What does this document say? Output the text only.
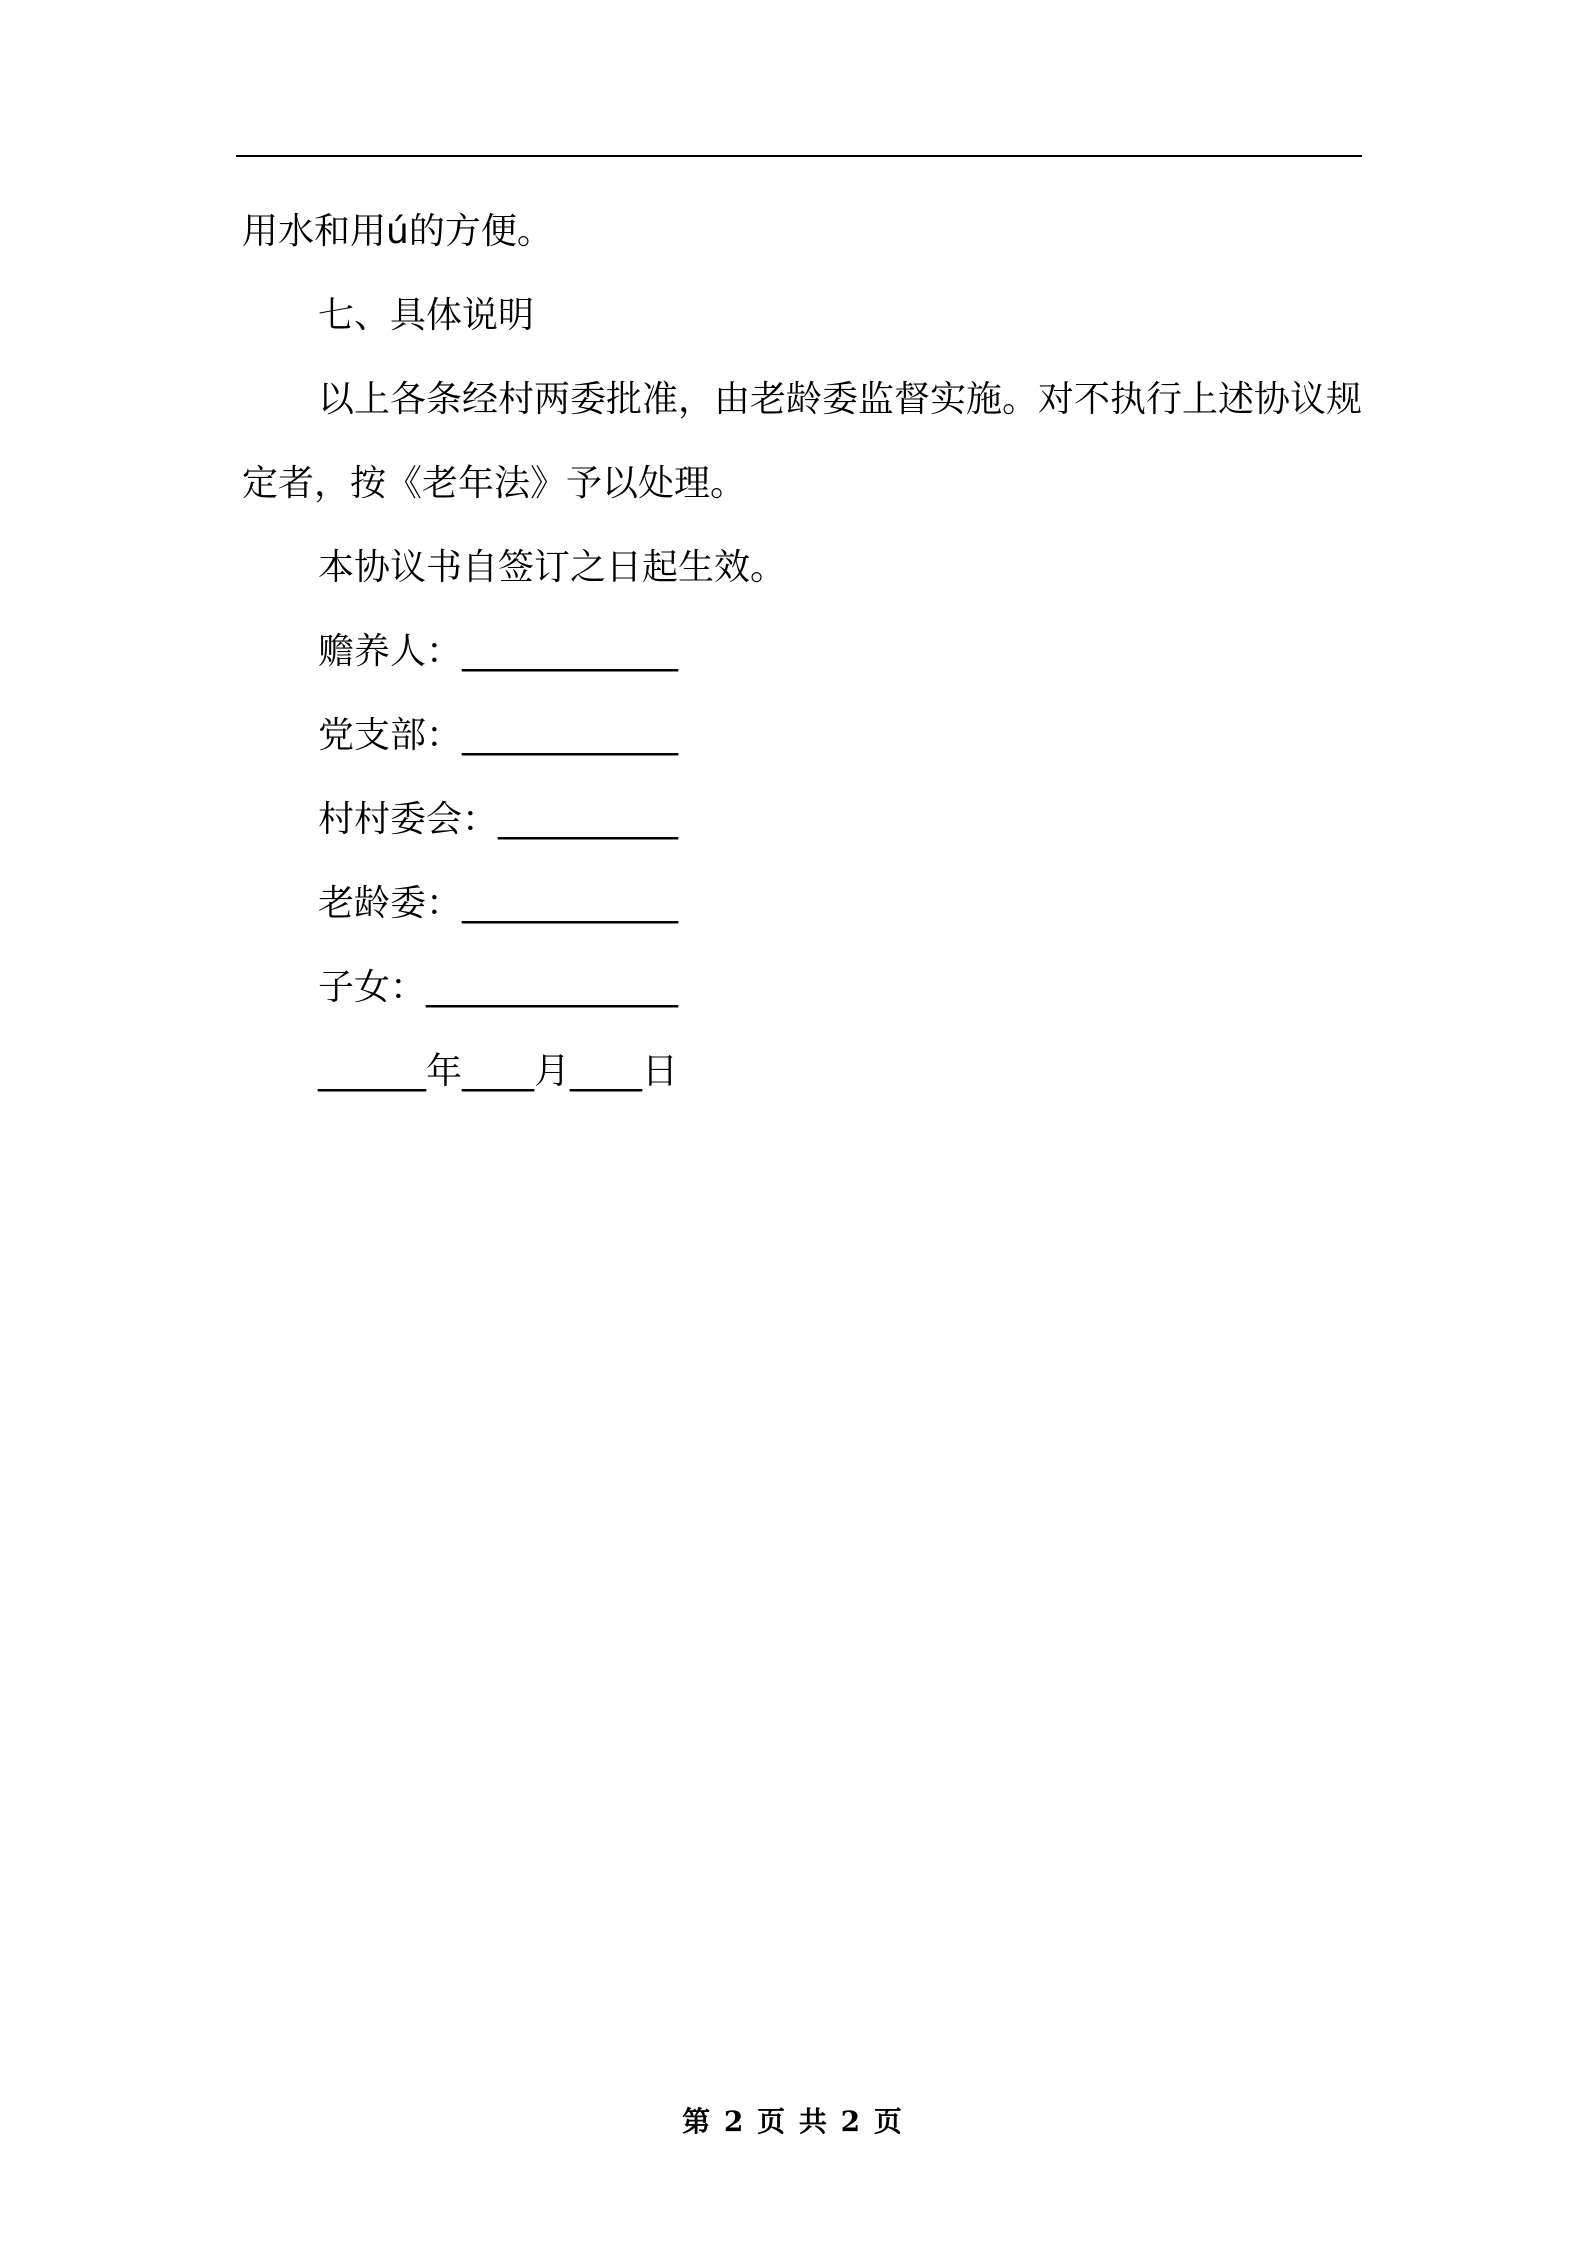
用水和用ú的方便。

七、具体说明

以上各条经村两委批准，由老龄委监督实施。对不执行上述协议规定者，按《老年法》予以处理。

本协议书自签订之日起生效。

赡养人：____________
党支部：____________
村村委会：__________
老龄委：____________
子女：______________

______年____月____日

第 2 页 共 2 页
